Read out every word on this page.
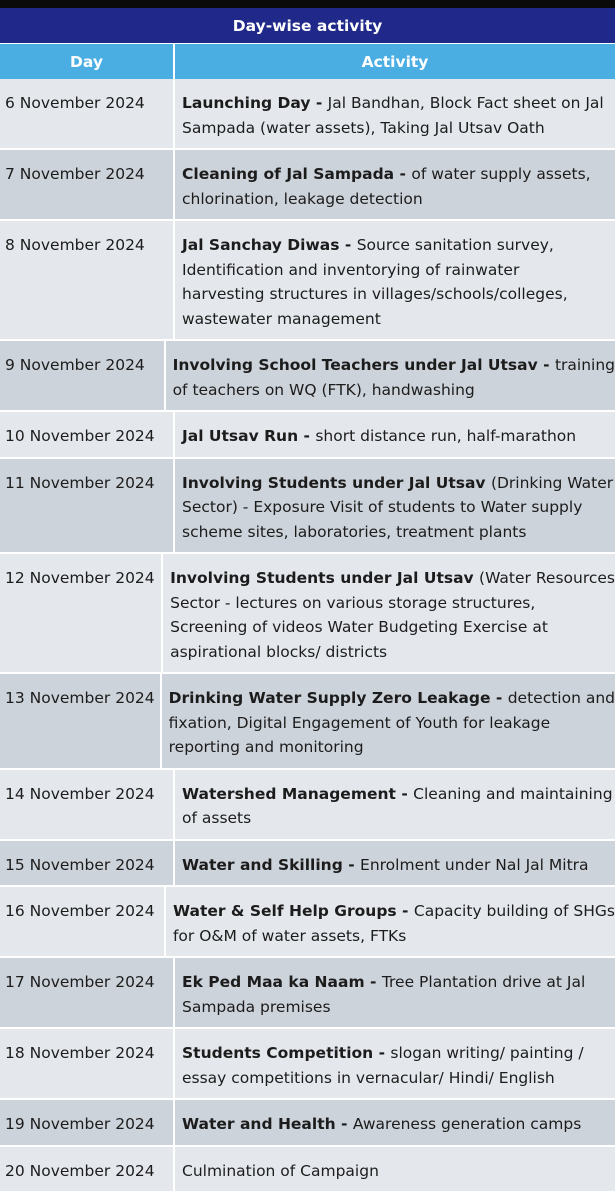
Day-wise activity
Day	Activity
6 November 2024	Launching Day - Jal Bandhan, Block Fact sheet on Jal
Sampada (water assets), Taking Jal Utsav Oath
7 November 2024	Cleaning of Jal Sampada - of water supply assets,
chlorination, leakage detection
8 November 2024	Jal Sanchay Diwas - Source sanitation survey,
Identification and inventorying of rainwater
harvesting structures in villages/schools/colleges,
wastewater management
9 November 2024	Involving School Teachers under Jal Utsav - training
of teachers on WQ (FTK), handwashing
10 November 2024	Jal Utsav Run - short distance run, half-marathon
11 November 2024	Involving Students under Jal Utsav (Drinking Water
Sector) - Exposure Visit of students to Water supply
scheme sites, laboratories, treatment plants
12 November 2024 Involving Students under Jal Utsav (Water Resources
Sector - lectures on various storage structures,
Screening of videos Water Budgeting Exercise at
aspirational blocks/ districts
13 November 2024 Drinking Water Supply Zero Leakage - detection and
fixation, Digital Engagement of Youth for leakage
reporting and monitoring
14 November 2024	Watershed Management - Cleaning and maintaining
of assets
15 November 2024	Water and Skilling - Enrolment under Nal Jal Mitra
16 November 2024	Water & Self Help Groups - Capacity building of SHGs
for O&M of water assets, FTKs
17 November 2024	Ek Ped Maa ka Naam - Tree Plantation drive at Jal
Sampada premises
18 November 2024	Students Competition - slogan writing/ painting /
essay competitions in vernacular/ Hindi/ English
19 November 2024	Water and Health - Awareness generation camps
20 November 2024	Culmination of Campaign
